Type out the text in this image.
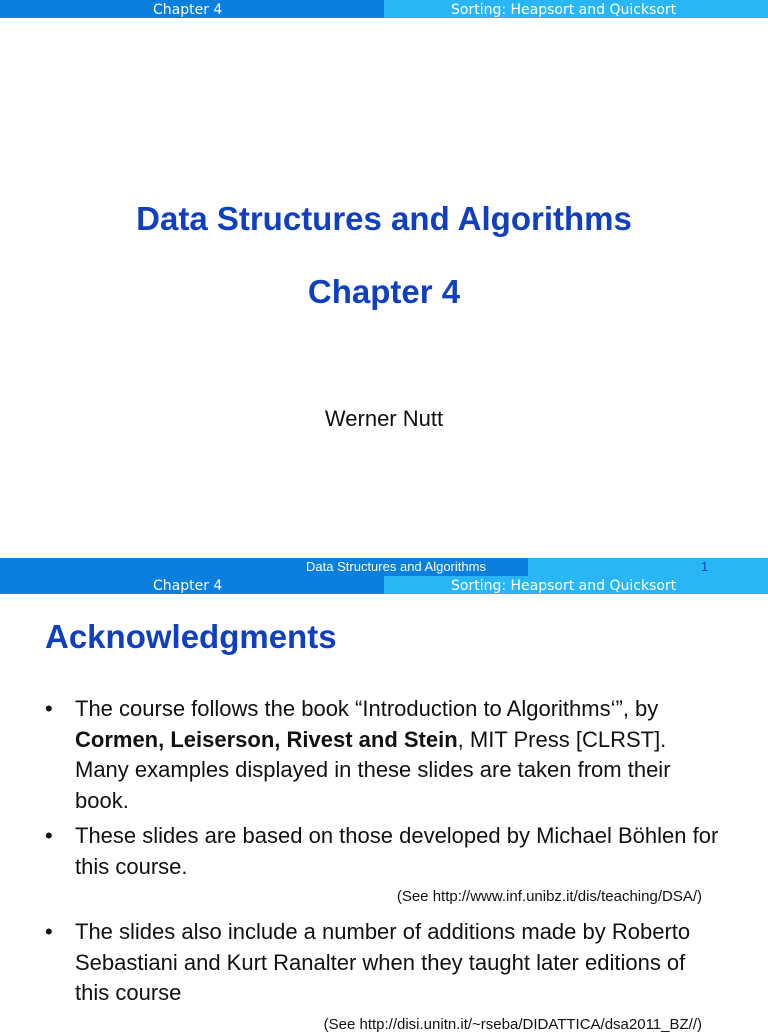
Chapter 4	Sorting: Heapsort and Quicksort
Data Structures and Algorithms
Chapter 4
Werner Nutt
Data Structures and Algorithms	1
Chapter 4	Sorting: Heapsort and Quicksort
Acknowledgments
•	The course follows the book “Introduction to Algorithms‘”, by Cormen, Leiserson, Rivest and Stein, MIT Press [CLRST]. Many examples displayed in these slides are taken from their book.
•	These slides are based on those developed by Michael Böhlen for this course.
(See http://www.inf.unibz.it/dis/teaching/DSA/)
•	The slides also include a number of additions made by Roberto Sebastiani and Kurt Ranalter when they taught later editions of this course
(See http://disi.unitn.it/~rseba/DIDATTICA/dsa2011_BZ//)
